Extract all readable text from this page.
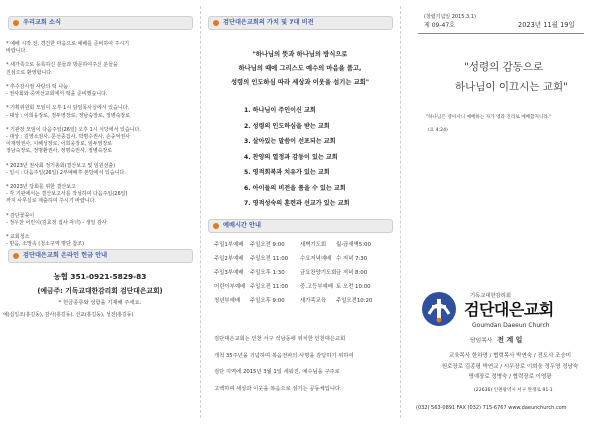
우리교회 소식
* 예배 시작 전, 경건한 마음으로 예배를 준비하여 주시기
바랍니다.
* 새가족으로 등록하신 분들과 방문하여주신 분들을
진심으로 환영합니다.
* 추수감사절 사랑의 떡 나눔
- 권사회와 중역선교회에서 떡을 준비했습니다.
* 기획위원회 모임이 오후 1시 담임목사실에서 있습니다.
- 대상 : 이희웅장로, 정두영장로, 정남숙장로, 정병숙장로
* 기관장 모임이 다음주일(26일) 오후 1시 식당에서 있습니다.
- 대상 : 김영소권사, 문선종집사, 박명수권사, 손중억권사
이재영권사, 이혜성장로, 이희웅장로, 임두영장로
정남숙장로, 정명환권사, 정명숙권사, 정병숙장로
* 2023년 권사회 정기총회(결산보고 및 임원선출)
- 일시 : 다음주일(26일) 2부예배후 본당에서 있습니다.
* 2023년 당회를 위한 결산보고
- 각 기관에서는 결산보고서를 작성하여 다음주일(26일)
까지 사무실로 제출하여 주시기 바랍니다.
* 감단꽃꽂이
- 정우찬 어린이(김효정 집사 자녀) - 생일 감사
* 교회청소
- 믿음, 소망속 (청소구역 명단 참조)
검단대은교회 온라인 헌금 안내
농협 351-0921-5829-83
(예금주: 기독교대한감리회 검단대은교회)
* 헌금종류와 성함을 기재해 주세요.
예)십일조(홍길동), 감사(홍길동), 선교(홍길동), 성전(홍길동)
검단대은교회의 가치 및 7대 비전
"하나님의 뜻과 하나님의 방식으로
하나님의 때에 그리스도 예수의 마음을 품고,
성령의 인도하심 따라 세상과 이웃을 섬기는 교회"
1. 하나님이 주인이신 교회
2. 성령의 인도하심을 받는 교회
3. 살아있는 말씀이 선포되는 교회
4. 찬양의 열정과 감동이 있는 교회
5. 영적회복과 치유가 있는 교회
6. 아이들의 비전을 품을 수 있는 교회
7. 영적성숙의 훈련과 선교가 있는 교회
예배시간 안내
주일1부예배 주일오전 9:00	새벽기도회 월-금새벽5:00
주일2부예배 주일오전 11:00 수요저녁예배 수 저녁 7:30
주일3부예배 주일오후 1:30	금요찬양기도회금 저녁 8:00
어린이부예배 주일오전 11:00 중.고등부예배 토 오전 10:00
청년부예배 주일오후 9:00	새가족교육 주일오전10:20
검단대은교회는 인천 서구 석남동에 위치한 인천대은교회
개척 35주년을 기념하며 복음전파의 사명을 감당하기 위하여
검단 지역에 2015년 3월 1일 세워진, 예수님을 구주로
고백하며 세상과 이웃을 복음으로 섬기는 공동체입니다.
(창립기념일 2015.3.1)
제 09-47호	2023년 11월 19일
"성령의 감동으로
하나님이 이끄시는 교회"
"하나님은 영이시니 예배하는 자가 영과 진리로 예배할지니라."
(요 4:24)
기독교대한감리회
검단대은교회
Goumdan Daeeun Church
담임목사 전 계 일
교육목사 한하영 / 협력목사 박연숙 / 전도사 조승미
원로장로 김종평 박연교 / 시무장로 이희웅 정두영 정남숙
명예장로 정병숙 / 협력장로 이영광
(22636) 인천광역시 서구 완정로 91-1
(032) 563-0891 FAX (032) 715-6767 www.daeunchurch.com
